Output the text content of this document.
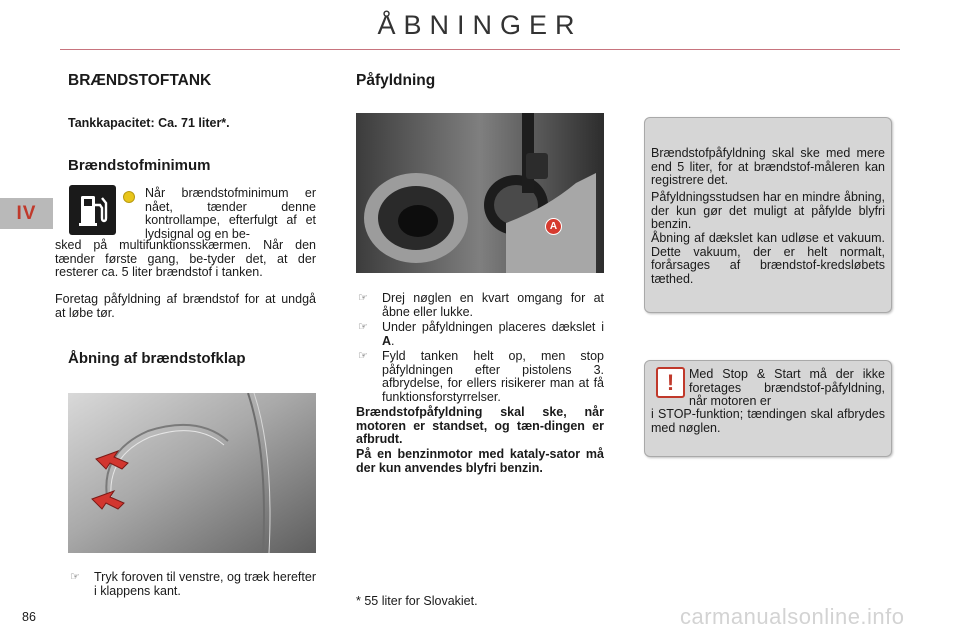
ÅBNINGER
IV
BRÆNDSTOFTANK
Tankkapacitet: Ca. 71 liter*.
Brændstofminimum
Når brændstofminimum er nået, tænder denne kontrollampe, efterfulgt af et lydsignal og en be-
sked på multifunktionsskærmen. Når den tænder første gang, be-tyder det, at der resterer ca. 5 liter brændstof i tanken.
Foretag påfyldning af brændstof for at undgå at løbe tør.
Åbning af brændstofklap
☞ Tryk foroven til venstre, og træk herefter i klappens kant.
Påfyldning
A
☞ Drej nøglen en kvart omgang for at åbne eller lukke.
☞ Under påfyldningen placeres dækslet i A.
☞ Fyld tanken helt op, men stop påfyldningen efter pistolens 3. afbrydelse, for ellers risikerer man at få funktionsforstyrrelser.
Brændstofpåfyldning skal ske, når motoren er standset, og tæn-dingen er afbrudt.
På en benzinmotor med kataly-sator må der kun anvendes blyfri benzin.
* 55 liter for Slovakiet.
Brændstofpåfyldning skal ske med mere end 5 liter, for at brændstof-måleren kan registrere det.
Påfyldningsstudsen har en mindre åbning, der kun gør det muligt at påfylde blyfri benzin.
Åbning af dækslet kan udløse et vakuum. Dette vakuum, der er helt normalt, forårsages af brændstof-kredsløbets tæthed.
!	Med Stop & Start må der ikke foretages brændstof-påfyldning, når motoren er
i STOP-funktion; tændingen skal afbrydes med nøglen.
86	carmanualsonline.info
